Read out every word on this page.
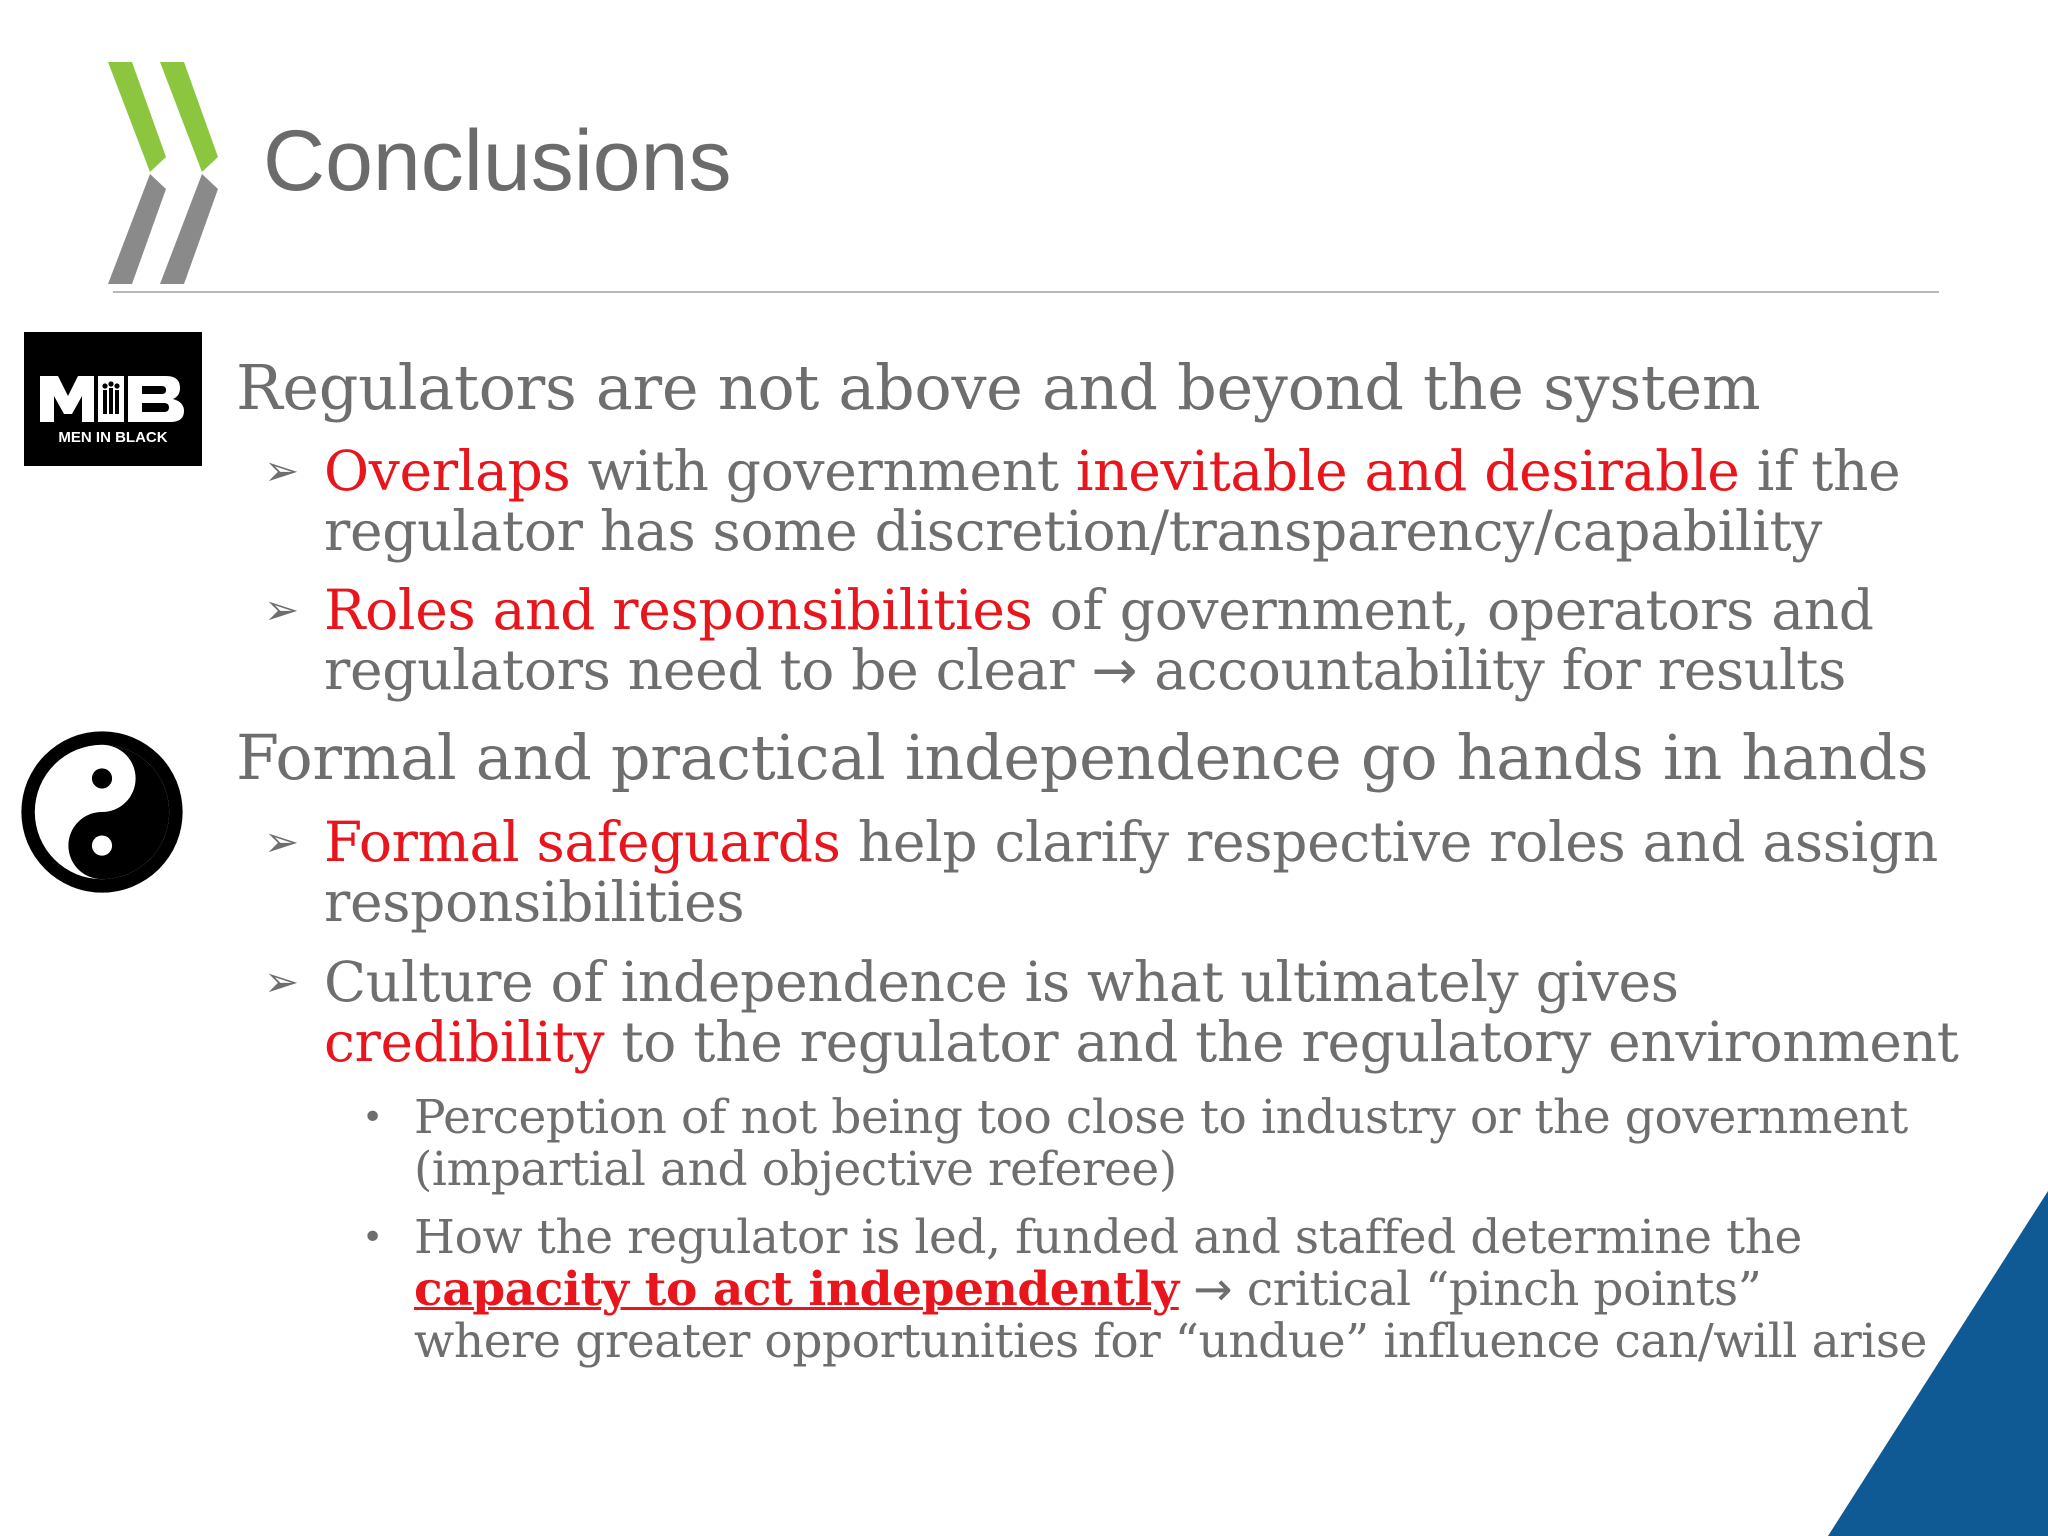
Conclusions
MEN IN BLACK
Regulators are not above and beyond the system
➢ Overlaps with government inevitable and desirable if the
regulator has some discretion/transparency/capability
➢ Roles and responsibilities of government, operators and
regulators need to be clear → accountability for results
Formal and practical independence go hands in hands
➢ Formal safeguards help clarify respective roles and assign
responsibilities
➢ Culture of independence is what ultimately gives
credibility to the regulator and the regulatory environment
• Perception of not being too close to industry or the government
(impartial and objective referee)
• How the regulator is led, funded and staffed determine the
capacity to act independently → critical “pinch points”
where greater opportunities for “undue” influence can/will arise
